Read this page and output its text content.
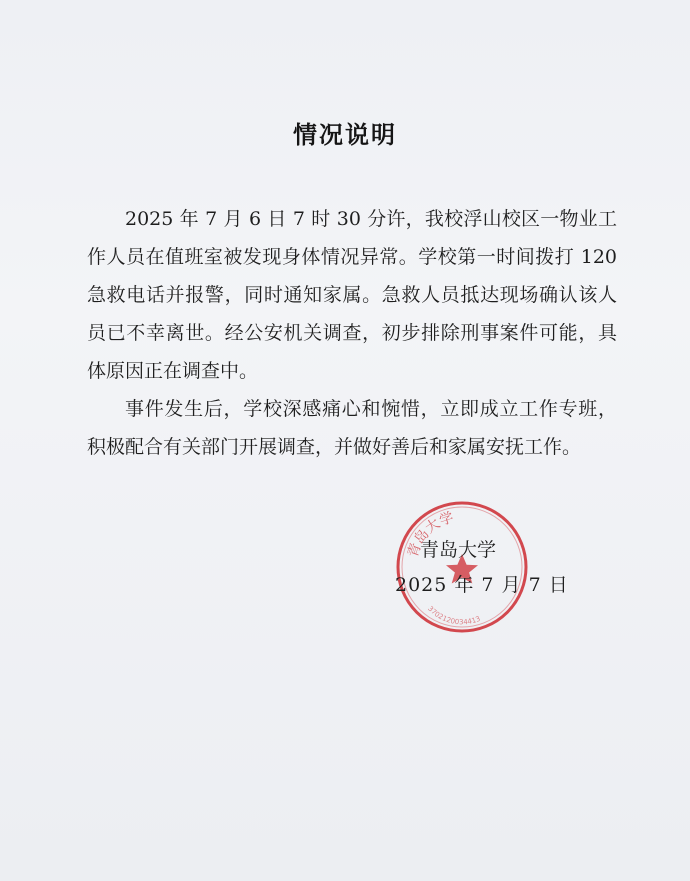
情况说明

2025 年 7 月 6 日 7 时 30 分许，我校浮山校区一物业工作人员在值班室被发现身体情况异常。学校第一时间拨打 120 急救电话并报警，同时通知家属。急救人员抵达现场确认该人员已不幸离世。经公安机关调查，初步排除刑事案件可能，具体原因正在调查中。

事件发生后，学校深感痛心和惋惜，立即成立工作专班，积极配合有关部门开展调查，并做好善后和家属安抚工作。

青岛大学
3702120034413
青岛大学
2025 年 7 月 7 日
